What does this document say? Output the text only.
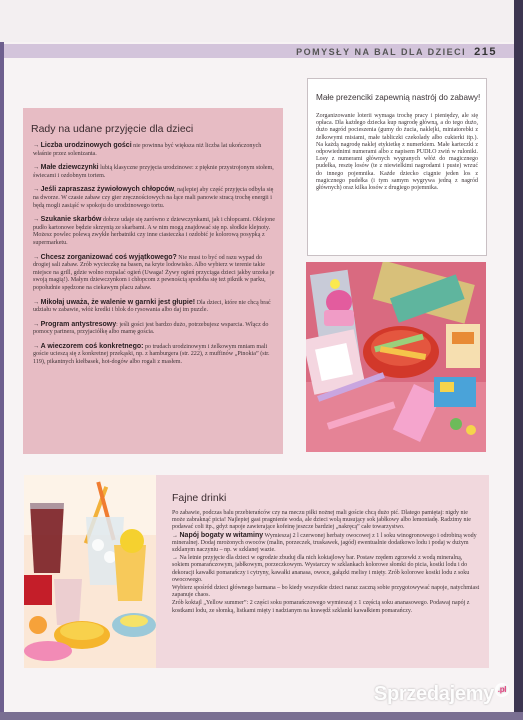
POMYSŁY NA BAL DLA DZIECI 215
Rady na udane przyjęcie dla dzieci

→ Liczba urodzinowych gości nie powinna być większa niż liczba lat ukończonych właśnie przez solenizanta.

→ Małe dziewczynki lubią klasyczne przyjęcia urodzinowe: z pięknie przystrojonym stołem, świecami i ozdobnym tortem.

→ Jeśli zapraszasz żywiołowych chłopców, najlepiej aby część przyjęcia odbyła się na dworze. W czasie zabaw czy gier zręcznościowych na łące mali panowie stracą trochę energii i będą mogli zasiąść w spokoju do urodzinowego tortu.

→ Szukanie skarbów dobrze udaje się zarówno z dziewczynkami, jak i chłopcami. Oklejone pudło kartonowe będzie skrzynią ze skarbami. A w nim mogą znajdować się np. słodkie klejnoty. Możesz powlec polewą zwykłe herbatniki czy inne ciasteczka i ozdobić je kolorową posypką z supermarketu.

→ Chcesz zorganizować coś wyjątkowego? Nie musi to być od razu wypad do drogiej sali zabaw. Zrób wycieczkę na basen, na kryte lodowisko. Albo wybierz w terenie takie miejsce na grill, gdzie wolno rozpalać ogień (Uwaga! Żywy ogień przyciąga dzieci jakby urzeka je swoją magią!). Małym dziewczynkom i chłopcom z pewnością spodoba się też piknik w parku, popołudnie spędzone na ciekawym placu zabaw.

→ Mikołaj uważa, że walenie w garnki jest głupie! Dla dzieci, które nie chcą brać udziału w zabawie, włóż kredki i blok do rysowania albo daj im puzzle.

→ Program antystresowy: jeśli gości jest bardzo dużo, potrzebujesz wsparcia. Włącz do pomocy partnera, przyjaciółkę albo mamę gościa.

→ A wieczorem coś konkretnego: po trudach urodzinowym i żelkowym mniam mali goście ucieszą się z konkretnej przekąski, np. z hamburgera (str. 222), z muffinów „Pinokia” (str. 119), pikantnych kiełbasek, hot-dogów albo rogali z masłem.

Małe prezenciki zapewnią nastrój do zabawy!
Zorganizowanie loterii wymaga trochę pracy i pieniędzy, ale się opłaca. Dla każdego dziecka kup nagrodę główną, a do tego dużo, dużo nagród pocieszenia (gumy do żucia, naklejki, miniatorebki z żelkowymi misiami, małe tabliczki czekolady albo cukierki itp.). Na każdą nagrodę naklej etykietkę z numerkiem. Małe karteczki z odpowiednimi numerami albo z napisem PUDŁO zwiń w ruloniki. Losy z numerami głównych wygranych włóż do magicznego pudełka, resztę losów (te z niewielkimi nagrodami i puste) wrzuć do innego pojemnika. Każde dziecko ciągnie jeden los z magicznego pudełka (i tym samym wygrywa jedną z nagród głównych) oraz kilka losów z drugiego pojemnika.
Fajne drinki

Po zabawie, podczas balu przebierańców czy na meczu piłki nożnej mali goście chcą dużo pić. Dlatego pamiętaj: nigdy nie może zabraknąć picia! Najlepiej gasi pragnienie woda, ale dzieci wolą musujący sok jabłkowy albo lemoniadę. Radzimy nie podawać coli itp., gdyż napoje zawierające kofeinę jeszcze bardziej „nakręcą” całe towarzystwo.

→ Napój bogaty w witaminy Wymieszaj 2 l czerwonej herbaty owocowej z 1 l soku winogronowego i odrobiną wody mineralnej. Dodaj mrożonych owoców (malin, porzeczek, truskawek, jagód) ewentualnie dodatkowo lodu i podaj w dużym szklanym naczyniu – np. w szklanej wazie.

→ Na letnie przyjęcie dla dzieci w ogrodzie zbuduj dla nich koktajlowy bar. Postaw rzędem zgrzewki z wodą mineralną, sokiem pomarańczowym, jabłkowym, porzeczkowym. Wystarczy w szklankach kolorowe słomki do picia, kostki lodu i do dekoracji kawałki pomarańczy i cytryny, kawałki ananasa, owoce, gałązki melisy i mięty. Zrób kolorowe kostki lodu z soku owocowego.

Wybierz spośród dzieci głównego barmana – bo kiedy wszystkie dzieci naraz zaczną sobie przygotowywać napoje, natychmiast zapanuje chaos.

Zrób koktajl „Yellow summer”: 2 części soku pomarańczowego wymieszaj z 1 częścią soku ananasowego. Podawaj napój z kostkami lodu, ze słomką, listkami mięty i nadzianym na krawędź szklanki kawałkiem pomarańczy.

Sprzedajemy .pl
